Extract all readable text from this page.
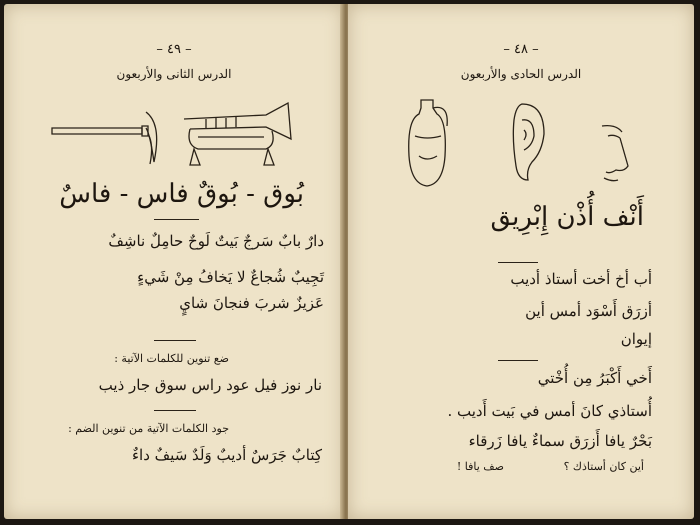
– ٤٩ –
الدرس الثانى والأربعون
بُوق - بُوقٌ فاس - فاسٌ
دارٌ بابٌ سَرجٌ بَيتٌ لَوحٌ حامِلٌ ناشِفٌ
تَجِيبٌ شُجاعٌ لا يَخافُ مِنْ شَيءٍ
عَزيزٌ شربَ فنجانَ شايٍ
ضع تنوين للكلمات الآتية :
نار نوز فيل عود راس سوق جار ذيب
جود الكلمات الآتية من تنوين الضم :
كِتابٌ جَرَسٌ أديبٌ وَلَدٌ سَيفٌ داءٌ
– ٤٨ –
الدرس الحادى والأربعون
أَنْف أُذْن إِبْرِيق
أب أخ أخت أستاذ أديب
أزرَق أَسْوَد أمس أين
إيوان
أَخي أَكْبَرُ مِن أُخْتي
أُستاذي كانَ أمس في بَيت أَديب .
بَحْرٌ يافا أَزرَق سماءٌ يافا زَرقاء
أين كان أستاذك ؟
صف يافا !
